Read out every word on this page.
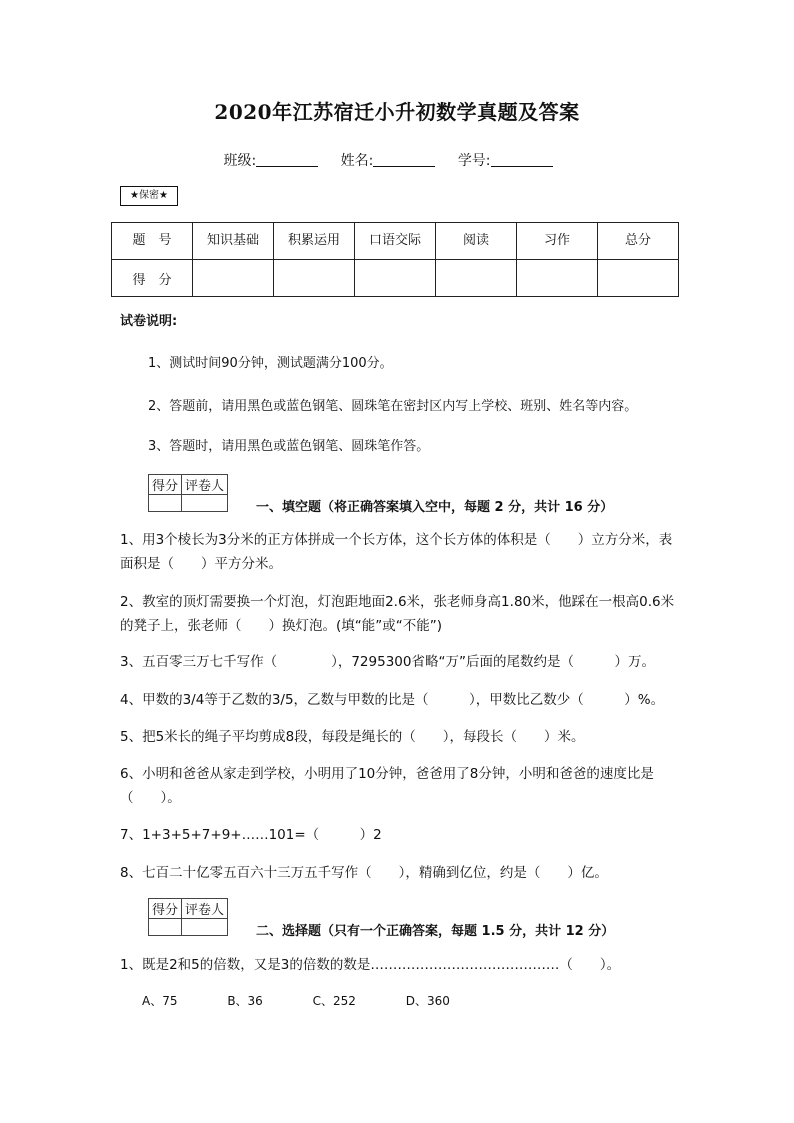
2020年江苏宿迁小升初数学真题及答案
班级:	姓名:	学号:
★保密★
题　号	知识基础	积累运用	口语交际	阅读	习作	总分
得　分						
试卷说明:
1、测试时间90分钟，测试题满分100分。
2、答题前，请用黑色或蓝色钢笔、圆珠笔在密封区内写上学校、班别、姓名等内容。
3、答题时，请用黑色或蓝色钢笔、圆珠笔作答。
得分	评卷人

一、填空题（将正确答案填入空中，每题 2 分，共计 16 分）
1、用3个棱长为3分米的正方体拼成一个长方体，这个长方体的体积是（　　）立方分米，表面积是（　　）平方分米。
2、教室的顶灯需要换一个灯泡，灯泡距地面2.6米，张老师身高1.80米，他踩在一根高0.6米的凳子上，张老师（　　）换灯泡。(填“能”或“不能”)
3、五百零三万七千写作（　　　　），7295300省略“万”后面的尾数约是（　　　）万。
4、甲数的3/4等于乙数的3/5，乙数与甲数的比是（　　　），甲数比乙数少（　　　）%。
5、把5米长的绳子平均剪成8段，每段是绳长的（　　），每段长（　　）米。
6、小明和爸爸从家走到学校，小明用了10分钟，爸爸用了8分钟，小明和爸爸的速度比是（　　）。
7、1+3+5+7+9+……101=（　　　）2
8、七百二十亿零五百六十三万五千写作（　　），精确到亿位，约是（　　）亿。
得分	评卷人

二、选择题（只有一个正确答案，每题 1.5 分，共计 12 分）
1、既是2和5的倍数，又是3的倍数的数是……………………………………（　　）。
A、75	B、36	C、252	D、360
